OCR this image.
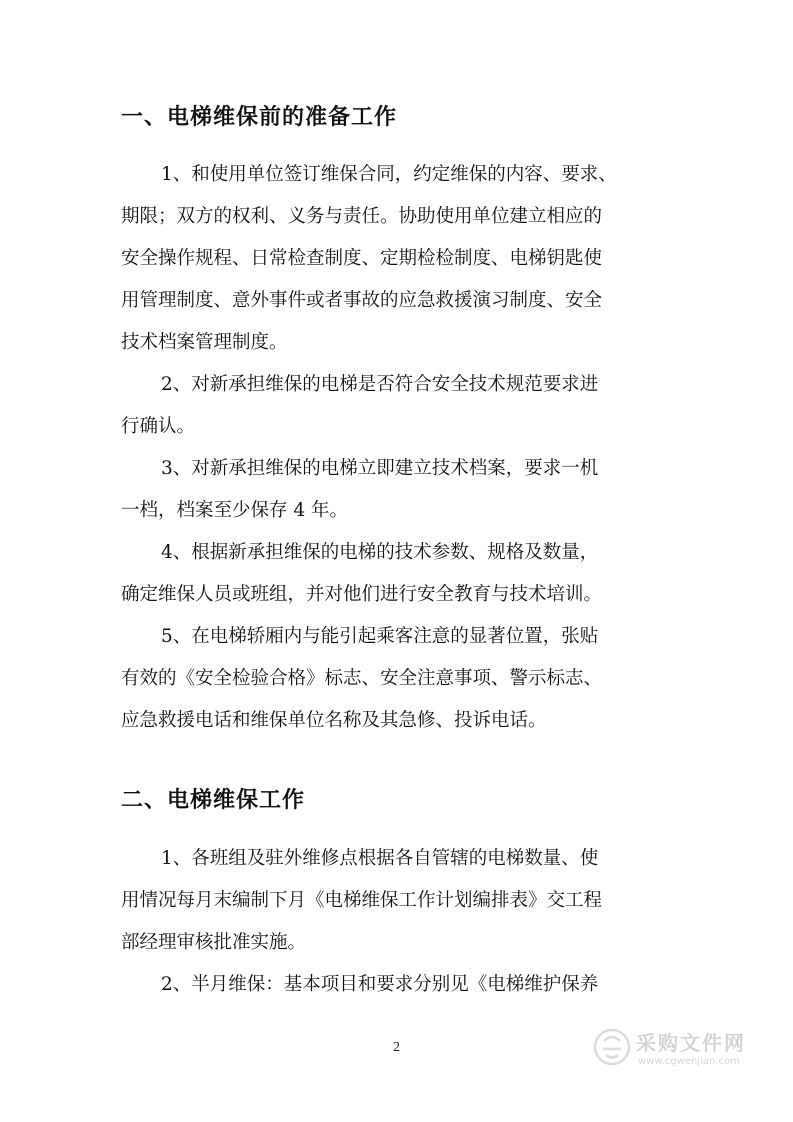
一、电梯维保前的准备工作
1、和使用单位签订维保合同，约定维保的内容、要求、
期限；双方的权利、义务与责任。协助使用单位建立相应的
安全操作规程、日常检查制度、定期检检制度、电梯钥匙使
用管理制度、意外事件或者事故的应急救援演习制度、安全
技术档案管理制度。
2、对新承担维保的电梯是否符合安全技术规范要求进
行确认。
3、对新承担维保的电梯立即建立技术档案，要求一机
一档，档案至少保存 4 年。
4、根据新承担维保的电梯的技术参数、规格及数量，
确定维保人员或班组，并对他们进行安全教育与技术培训。
5、在电梯轿厢内与能引起乘客注意的显著位置，张贴
有效的《安全检验合格》标志、安全注意事项、警示标志、
应急救援电话和维保单位名称及其急修、投诉电话。
二、电梯维保工作
1、各班组及驻外维修点根据各自管辖的电梯数量、使
用情况每月末编制下月《电梯维保工作计划编排表》交工程
部经理审核批准实施。
2、半月维保：基本项目和要求分别见《电梯维护保养
2	采购文件网
www.cgwenjian.com
